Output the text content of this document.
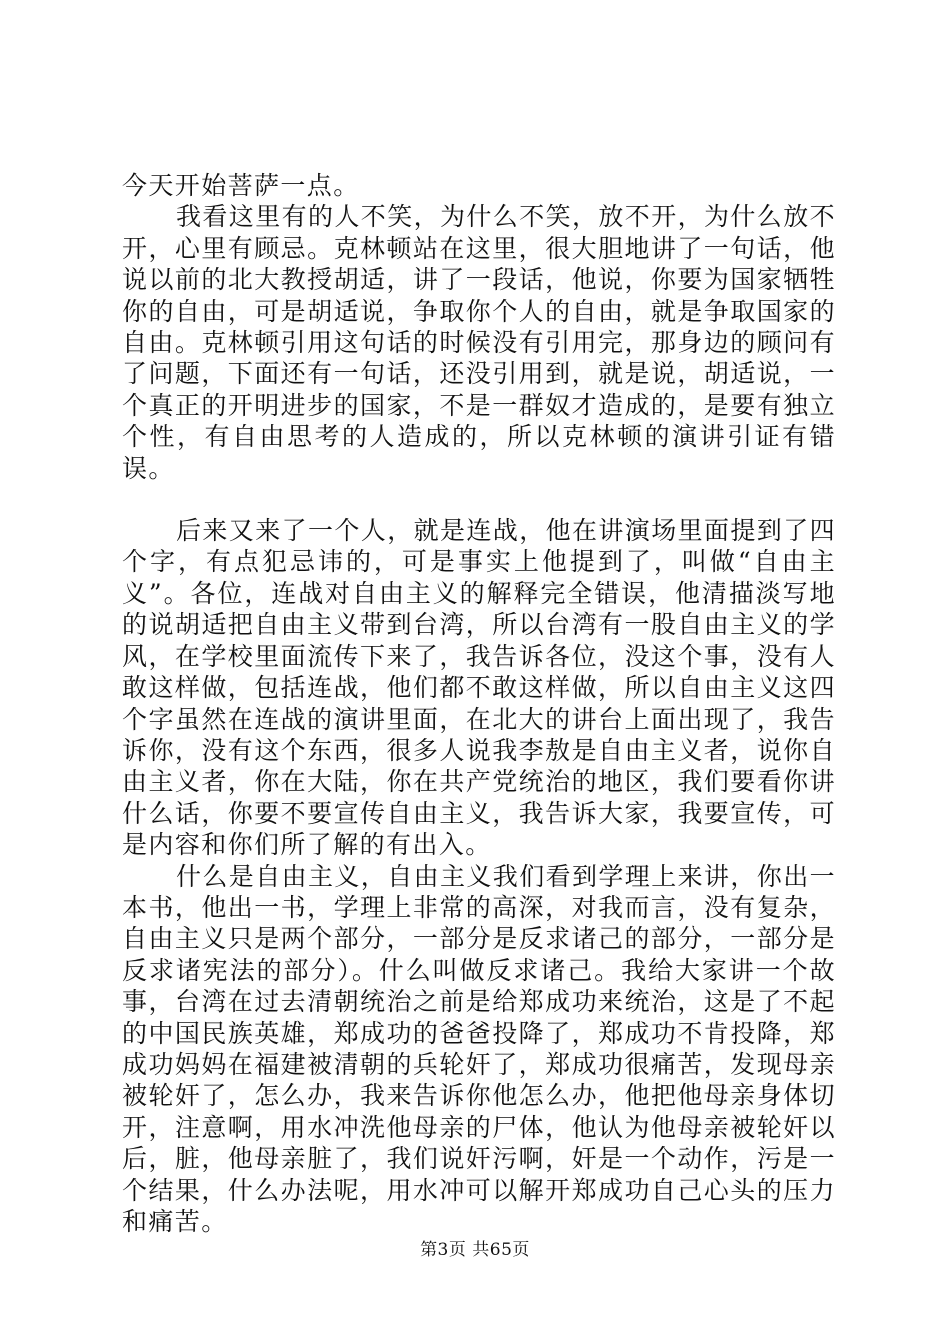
今天开始菩萨一点。

我看这里有的人不笑，为什么不笑，放不开，为什么放不开，心里有顾忌。克林顿站在这里，很大胆地讲了一句话，他说以前的北大教授胡适，讲了一段话，他说，你要为国家牺牲你的自由，可是胡适说，争取你个人的自由，就是争取国家的自由。克林顿引用这句话的时候没有引用完，那身边的顾问有了问题，下面还有一句话，还没引用到，就是说，胡适说，一个真正的开明进步的国家，不是一群奴才造成的，是要有独立个性，有自由思考的人造成的，所以克林顿的演讲引证有错误。

后来又来了一个人，就是连战，他在讲演场里面提到了四个字，有点犯忌讳的，可是事实上他提到了，叫做“自由主义”。各位，连战对自由主义的解释完全错误，他清描淡写地的说胡适把自由主义带到台湾，所以台湾有一股自由主义的学风，在学校里面流传下来了，我告诉各位，没这个事，没有人敢这样做，包括连战，他们都不敢这样做，所以自由主义这四个字虽然在连战的演讲里面，在北大的讲台上面出现了，我告诉你，没有这个东西，很多人说我李敖是自由主义者，说你自由主义者，你在大陆，你在共产党统治的地区，我们要看你讲什么话，你要不要宣传自由主义，我告诉大家，我要宣传，可是内容和你们所了解的有出入。

什么是自由主义，自由主义我们看到学理上来讲，你出一本书，他出一书，学理上非常的高深，对我而言，没有复杂，自由主义只是两个部分，一部分是反求诸己的部分，一部分是反求诸宪法的部分）。什么叫做反求诸己。我给大家讲一个故事，台湾在过去清朝统治之前是给郑成功来统治，这是了不起的中国民族英雄，郑成功的爸爸投降了，郑成功不肯投降，郑成功妈妈在福建被清朝的兵轮奸了，郑成功很痛苦，发现母亲被轮奸了，怎么办，我来告诉你他怎么办，他把他母亲身体切开，注意啊，用水冲洗他母亲的尸体，他认为他母亲被轮奸以后，脏，他母亲脏了，我们说奸污啊，奸是一个动作，污是一个结果，什么办法呢，用水冲可以解开郑成功自己心头的压力和痛苦。

第3页 共65页
